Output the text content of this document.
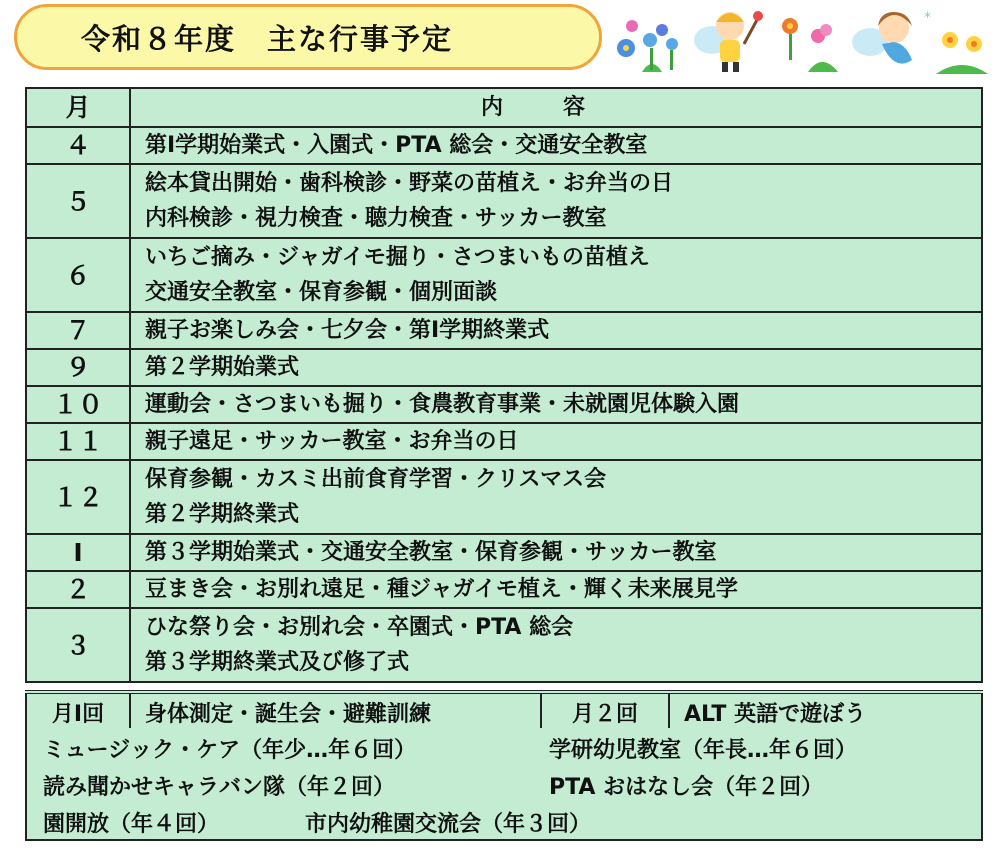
令和８年度　主な行事予定
*
月	内容
４	第Ⅰ学期始業式・入園式・PTA 総会・交通安全教室

５	絵本貸出開始・歯科検診・野菜の苗植え・お弁当の日
内科検診・視力検査・聴力検査・サッカー教室

６	いちご摘み・ジャガイモ掘り・さつまいもの苗植え
交通安全教室・保育参観・個別面談

７	親子お楽しみ会・七夕会・第Ⅰ学期終業式

９	第２学期始業式

１０	運動会・さつまいも掘り・食農教育事業・未就園児体験入園

１１	親子遠足・サッカー教室・お弁当の日

１２	保育参観・カスミ出前食育学習・クリスマス会
第２学期終業式

Ⅰ	第３学期始業式・交通安全教室・保育参観・サッカー教室

２	豆まき会・お別れ遠足・種ジャガイモ植え・輝く未来展見学

３	ひな祭り会・お別れ会・卒園式・PTA 総会
第３学期終業式及び修了式
月Ⅰ回	身体測定・誕生会・避難訓練	月２回	ALT 英語で遊ぼう
ミュージック・ケア（年少…年６回）	学研幼児教室（年長…年６回）
読み聞かせキャラバン隊（年２回）	PTA おはなし会（年２回）
園開放（年４回）	市内幼稚園交流会（年３回）
